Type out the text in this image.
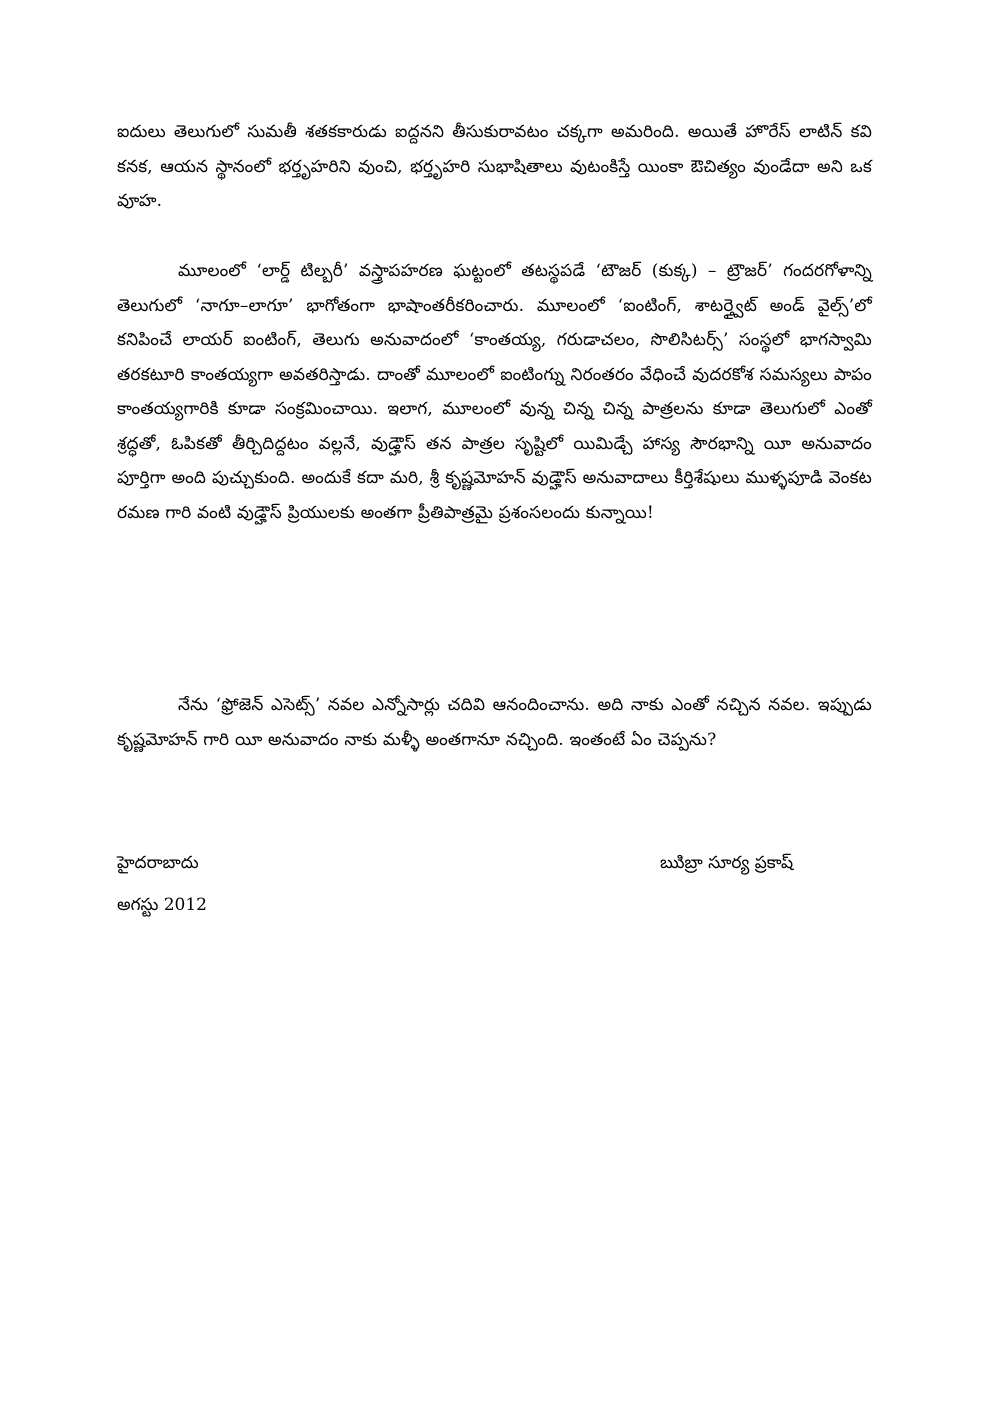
ఐదులు తెలుగులో సుమతీ శతకకారుడు ఐద్దనని తీసుకురావటం చక్కగా అమరింది. అయితే హొరేస్ లాటిన్ కవి కనక, ఆయన స్థానంలో భర్తృహరిని వుంచి, భర్తృహరి సుభాషితాలు వుటంకిస్తే యింకా ఔచిత్యం వుండేదా అని ఒక వూహ.

మూలంలో ‘లార్డ్ టిల్బరీ’ వస్త్రాపహరణ ఘట్టంలో తటస్థపడే ‘టౌజర్ (కుక్క) – ట్రౌజర్’ గందరగోళాన్ని తెలుగులో ‘నాగూ–లాగూ’ భాగోతంగా భాషాంతరీకరించారు. మూలంలో ‘ఐంటింగ్, శాటర్త్వైట్ అండ్ వైల్స్’లో కనిపించే లాయర్ ఐంటింగ్, తెలుగు అనువాదంలో ‘కాంతయ్య, గరుడాచలం, సొలిసిటర్స్’ సంస్థలో భాగస్వామి తరకటూరి కాంతయ్యగా అవతరిస్తాడు. దాంతో మూలంలో ఐంటింగ్ను నిరంతరం వేధించే వుదరకోశ సమస్యలు పాపం కాంతయ్యగారికి కూడా సంక్రమించాయి. ఇలాగ, మూలంలో వున్న చిన్న చిన్న పాత్రలను కూడా తెలుగులో ఎంతో శ్రద్ధతో, ఓపికతో తీర్చిదిద్దటం వల్లనే, వుడ్హౌస్ తన పాత్రల సృష్టిలో యిమిడ్చే హాస్య సౌరభాన్ని యీ అనువాదం పూర్తిగా అంది పుచ్చుకుంది. అందుకే కదా మరి, శ్రీ కృష్ణమోహన్ వుడ్హౌస్ అనువాదాలు కీర్తిశేషులు ముళ్ళపూడి వెంకట రమణ గారి వంటి వుడ్హౌస్ ప్రియులకు అంతగా ప్రీతిపాత్రమై ప్రశంసలందు కున్నాయి!

నేను ‘ఫ్రోజెన్ ఎసెట్స్’ నవల ఎన్నోసార్లు చదివి ఆనందించాను. అది నాకు ఎంతో నచ్చిన నవల. ఇప్పుడు కృష్ణమోహన్ గారి యీ అనువాదం నాకు మళ్ళీ అంతగానూ నచ్చింది. ఇంతంటే ఏం చెప్పను?

హైదరాబాదు
అగస్టు 2012
ఋిబ్రా సూర్య ప్రకాష్
